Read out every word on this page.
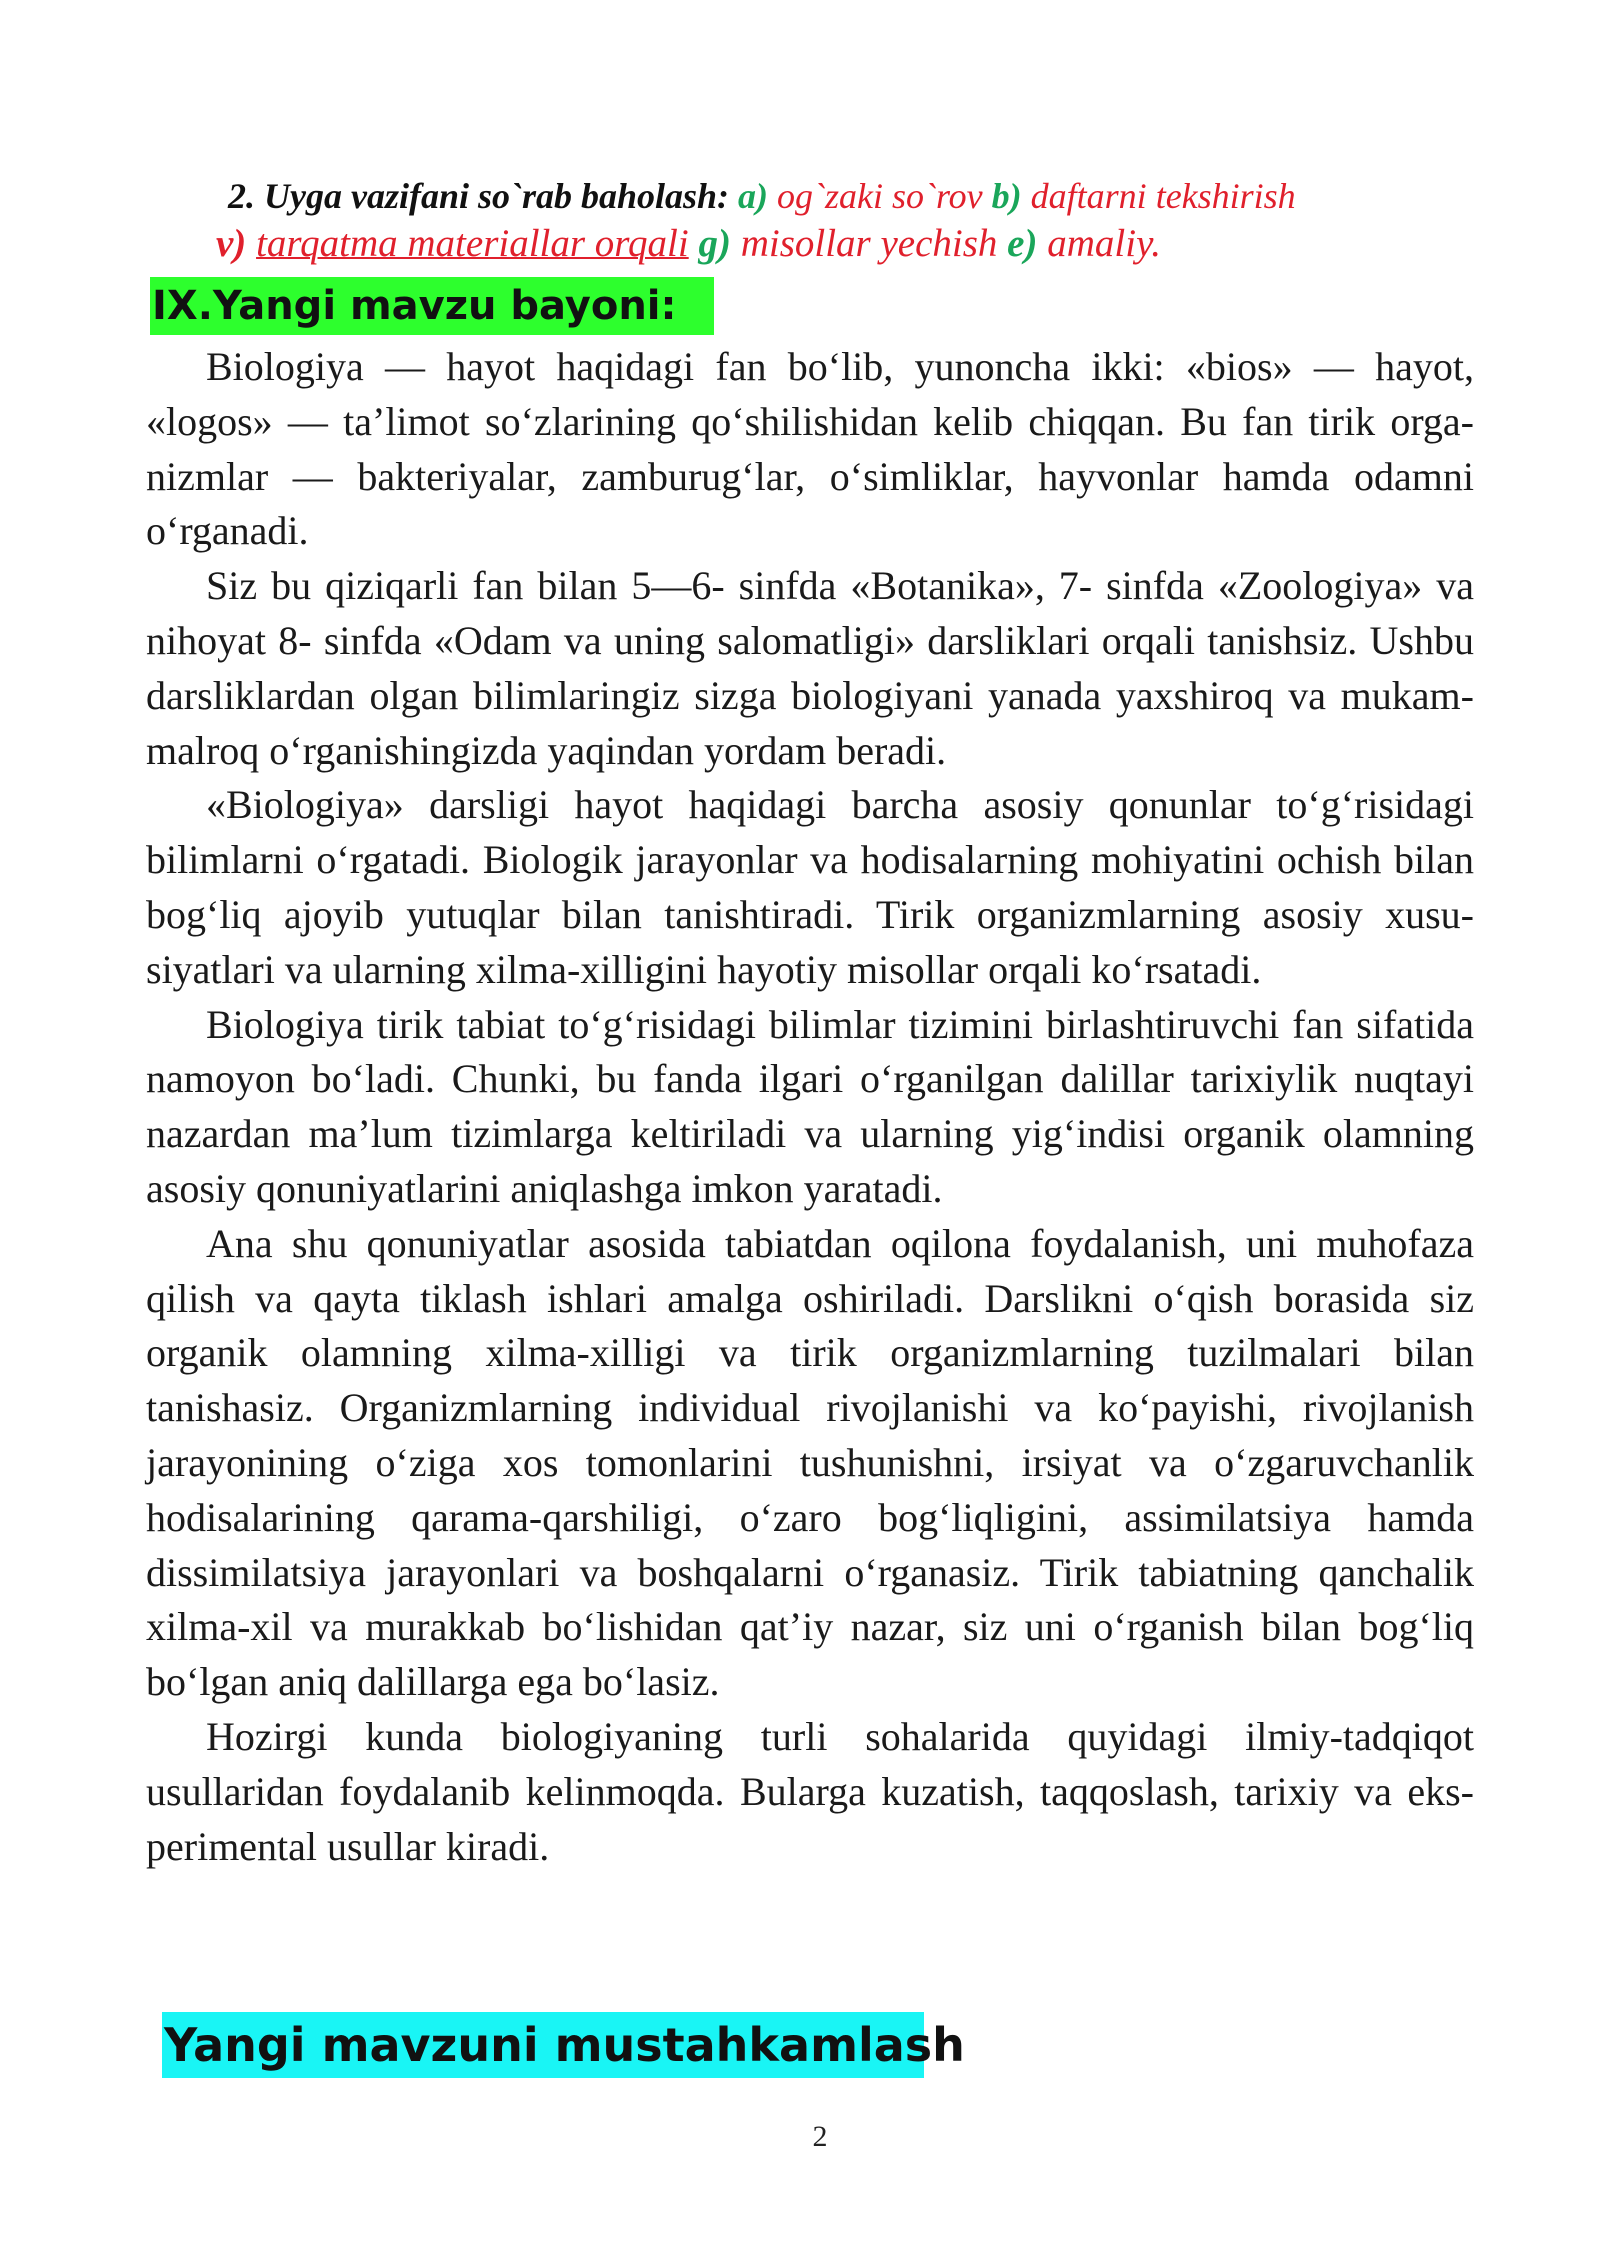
2. Uyga vazifani so`rab baholash: a) og`zaki so`rov b) daftarni tekshirish
v) tarqatma materiallar orqali g) misollar yechish e) amaliy.
IX.Yangi mavzu bayoni:

Biologiya — hayot haqidagi fan bo‘lib, yunoncha ikki: «bios» — hayot, «logos» — ta’limot so‘zlarining qo‘shilishidan kelib chiqqan. Bu fan tirik organizmlar — bakteriyalar, zamburug‘lar, o‘simliklar, hayvonlar hamda odamni o‘rganadi.

Siz bu qiziqarli fan bilan 5—6- sinfda «Botanika», 7- sinfda «Zoologiya» va nihoyat 8- sinfda «Odam va uning salomatligi» darsliklari orqali tanishsiz. Ushbu darsliklardan olgan bilimlaringiz sizga biologiyani yanada yaxshiroq va mukammalroq o‘rganishingizda yaqindan yordam beradi.

«Biologiya» darsligi hayot haqidagi barcha asosiy qonunlar to‘g‘risidagi bilimlarni o‘rgatadi. Biologik jarayonlar va hodisalarning mohiyatini ochish bilan bog‘liq ajoyib yutuqlar bilan tanishtiradi. Tirik organizmlarning asosiy xususiyatlari va ularning xilma-xilligini hayotiy misollar orqali ko‘rsatadi.

Biologiya tirik tabiat to‘g‘risidagi bilimlar tizimini birlashtiruvchi fan sifatida namoyon bo‘ladi. Chunki, bu fanda ilgari o‘rganilgan dalillar tarixiylik nuqtayi nazardan ma’lum tizimlarga keltiriladi va ularning yig‘indisi organik olamning asosiy qonuniyatlarini aniqlashga imkon yaratadi.

Ana shu qonuniyatlar asosida tabiatdan oqilona foydalanish, uni muhofaza qilish va qayta tiklash ishlari amalga oshiriladi. Darslikni o‘qish borasida siz organik olamning xilma-xilligi va tirik organizmlarning tuzilmalari bilan tanishasiz. Organizmlarning individual rivojlanishi va ko‘payishi, rivojlanish jarayonining o‘ziga xos tomonlarini tushunishni, irsiyat va o‘zgaruvchanlik hodisalarining qarama-qarshiligi, o‘zaro bog‘liqligini, assimilatsiya hamda dissimilatsiya jarayonlari va boshqalarni o‘rganasiz. Tirik tabiatning qanchalik xilma-xil va murakkab bo‘lishidan qat’iy nazar, siz uni o‘rganish bilan bog‘liq bo‘lgan aniq dalillarga ega bo‘lasiz.

Hozirgi kunda biologiyaning turli sohalarida quyidagi ilmiy-tadqiqot usullaridan foydalanib kelinmoqda. Bularga kuzatish, taqqoslash, tarixiy va eksperimental usullar kiradi.

Yangi mavzuni mustahkamlash
2
